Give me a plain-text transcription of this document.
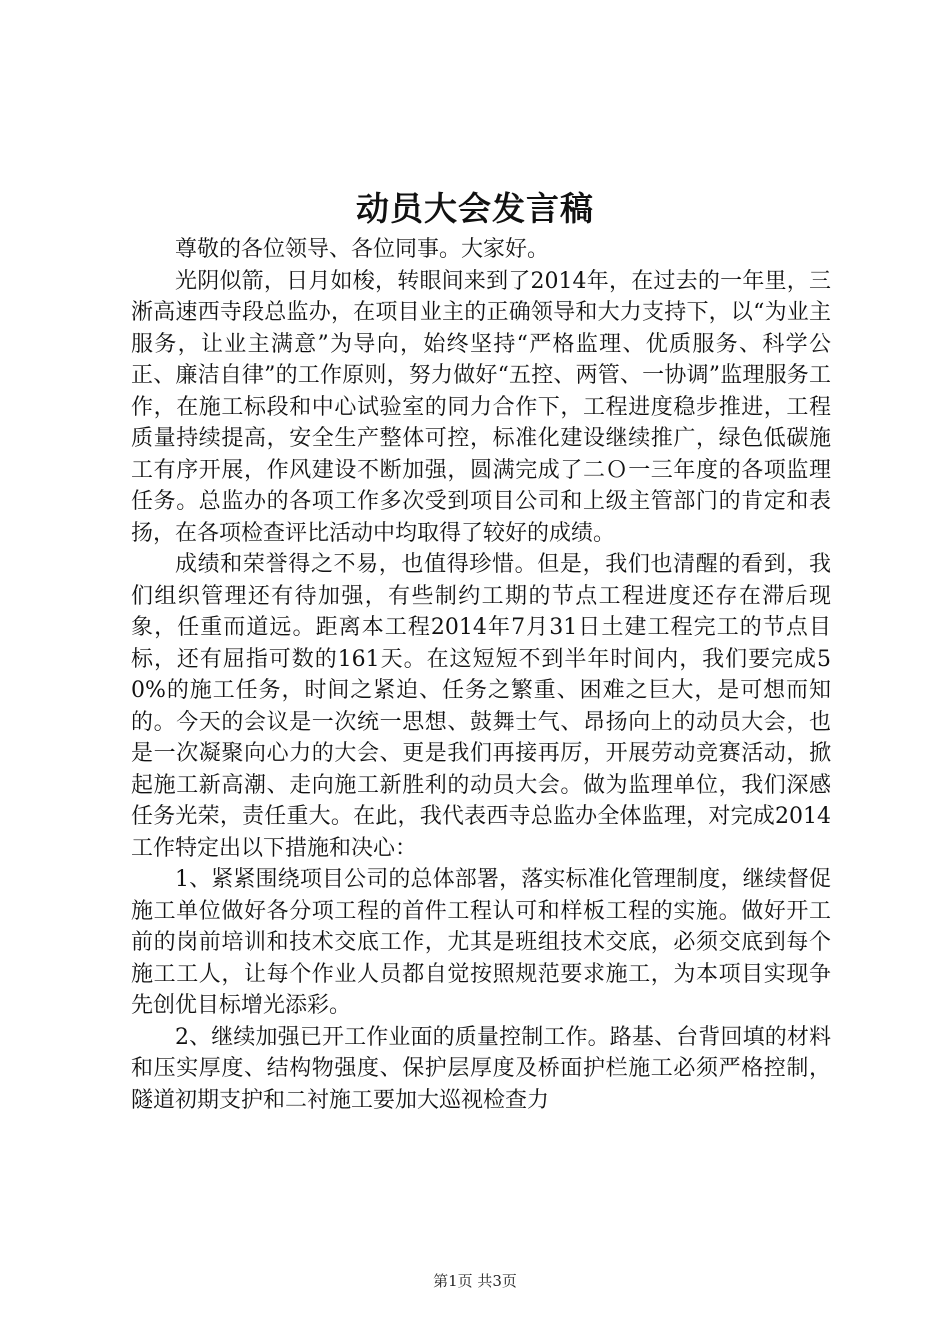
动员大会发言稿

尊敬的各位领导、各位同事。大家好。

光阴似箭，日月如梭，转眼间来到了2014年，在过去的一年里，三淅高速西寺段总监办，在项目业主的正确领导和大力支持下，以“为业主服务，让业主满意”为导向，始终坚持“严格监理、优质服务、科学公正、廉洁自律”的工作原则，努力做好“五控、两管、一协调”监理服务工作，在施工标段和中心试验室的同力合作下，工程进度稳步推进，工程质量持续提高，安全生产整体可控，标准化建设继续推广，绿色低碳施工有序开展，作风建设不断加强，圆满完成了二Ｏ一三年度的各项监理任务。总监办的各项工作多次受到项目公司和上级主管部门的肯定和表扬，在各项检查评比活动中均取得了较好的成绩。

成绩和荣誉得之不易，也值得珍惜。但是，我们也清醒的看到，我们组织管理还有待加强，有些制约工期的节点工程进度还存在滞后现象，任重而道远。距离本工程2014年7月31日土建工程完工的节点目标，还有屈指可数的161天。在这短短不到半年时间内，我们要完成50%的施工任务，时间之紧迫、任务之繁重、困难之巨大，是可想而知的。今天的会议是一次统一思想、鼓舞士气、昂扬向上的动员大会，也是一次凝聚向心力的大会、更是我们再接再厉，开展劳动竞赛活动，掀起施工新高潮、走向施工新胜利的动员大会。做为监理单位，我们深感任务光荣，责任重大。在此，我代表西寺总监办全体监理，对完成2014工作特定出以下措施和决心：

1、紧紧围绕项目公司的总体部署，落实标准化管理制度，继续督促施工单位做好各分项工程的首件工程认可和样板工程的实施。做好开工前的岗前培训和技术交底工作，尤其是班组技术交底，必须交底到每个施工工人，让每个作业人员都自觉按照规范要求施工，为本项目实现争先创优目标增光添彩。

2、继续加强已开工作业面的质量控制工作。路基、台背回填的材料和压实厚度、结构物强度、保护层厚度及桥面护栏施工必须严格控制，隧道初期支护和二衬施工要加大巡视检查力

第1页 共3页
